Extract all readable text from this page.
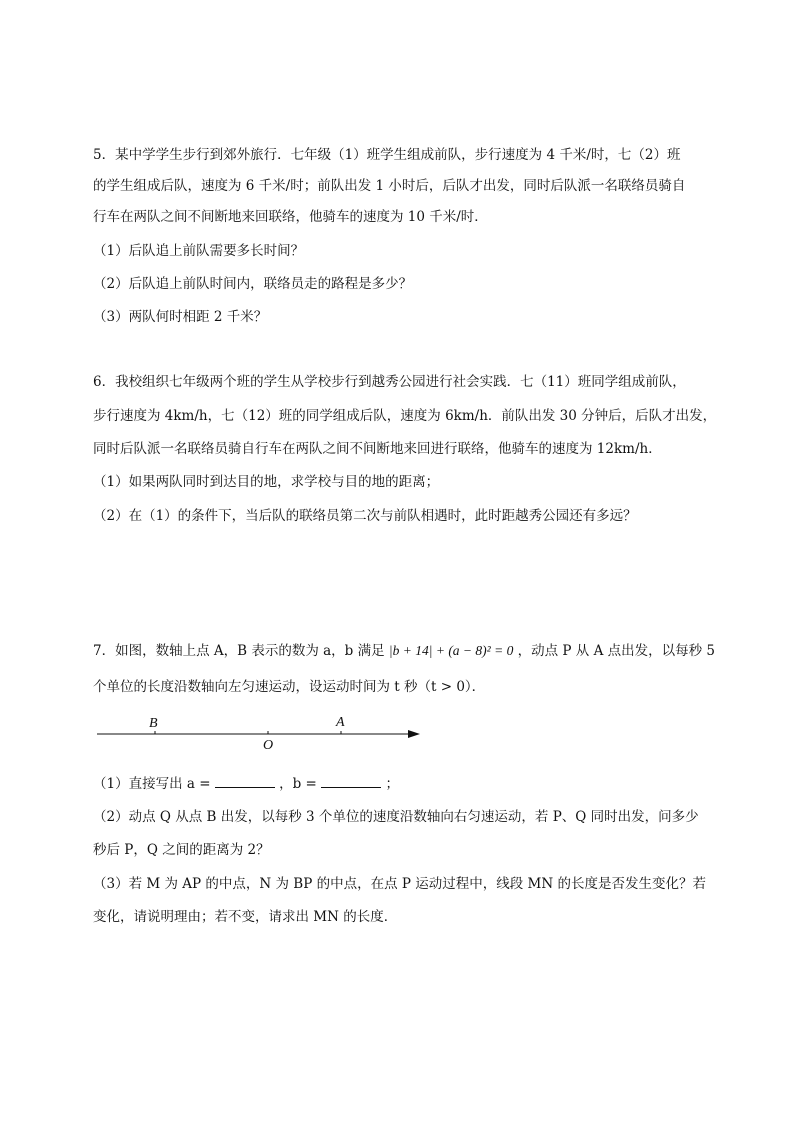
5．某中学学生步行到郊外旅行．七年级（1）班学生组成前队，步行速度为 4 千米/时，七（2）班
的学生组成后队，速度为 6 千米/时；前队出发 1 小时后，后队才出发，同时后队派一名联络员骑自
行车在两队之间不间断地来回联络，他骑车的速度为 10 千米/时．
（1）后队追上前队需要多长时间？
（2）后队追上前队时间内，联络员走的路程是多少？
（3）两队何时相距 2 千米？
6．我校组织七年级两个班的学生从学校步行到越秀公园进行社会实践．七（11）班同学组成前队，
步行速度为 4km/h，七（12）班的同学组成后队，速度为 6km/h．前队出发 30 分钟后，后队才出发，
同时后队派一名联络员骑自行车在两队之间不间断地来回进行联络，他骑车的速度为 12km/h．
（1）如果两队同时到达目的地，求学校与目的地的距离；
（2）在（1）的条件下，当后队的联络员第二次与前队相遇时，此时距越秀公园还有多远？
7．如图，数轴上点 A，B 表示的数为 a，b 满足 |b + 14| + (a − 8)² = 0 ，动点 P 从 A 点出发，以每秒 5
个单位的长度沿数轴向左匀速运动，设运动时间为 t 秒（t > 0）．
B	A
O
（1）直接写出 a =	，b =	；
（2）动点 Q 从点 B 出发，以每秒 3 个单位的速度沿数轴向右匀速运动，若 P、Q 同时出发，问多少
秒后 P，Q 之间的距离为 2？
（3）若 M 为 AP 的中点，N 为 BP 的中点，在点 P 运动过程中，线段 MN 的长度是否发生变化？若
变化，请说明理由；若不变，请求出 MN 的长度．
